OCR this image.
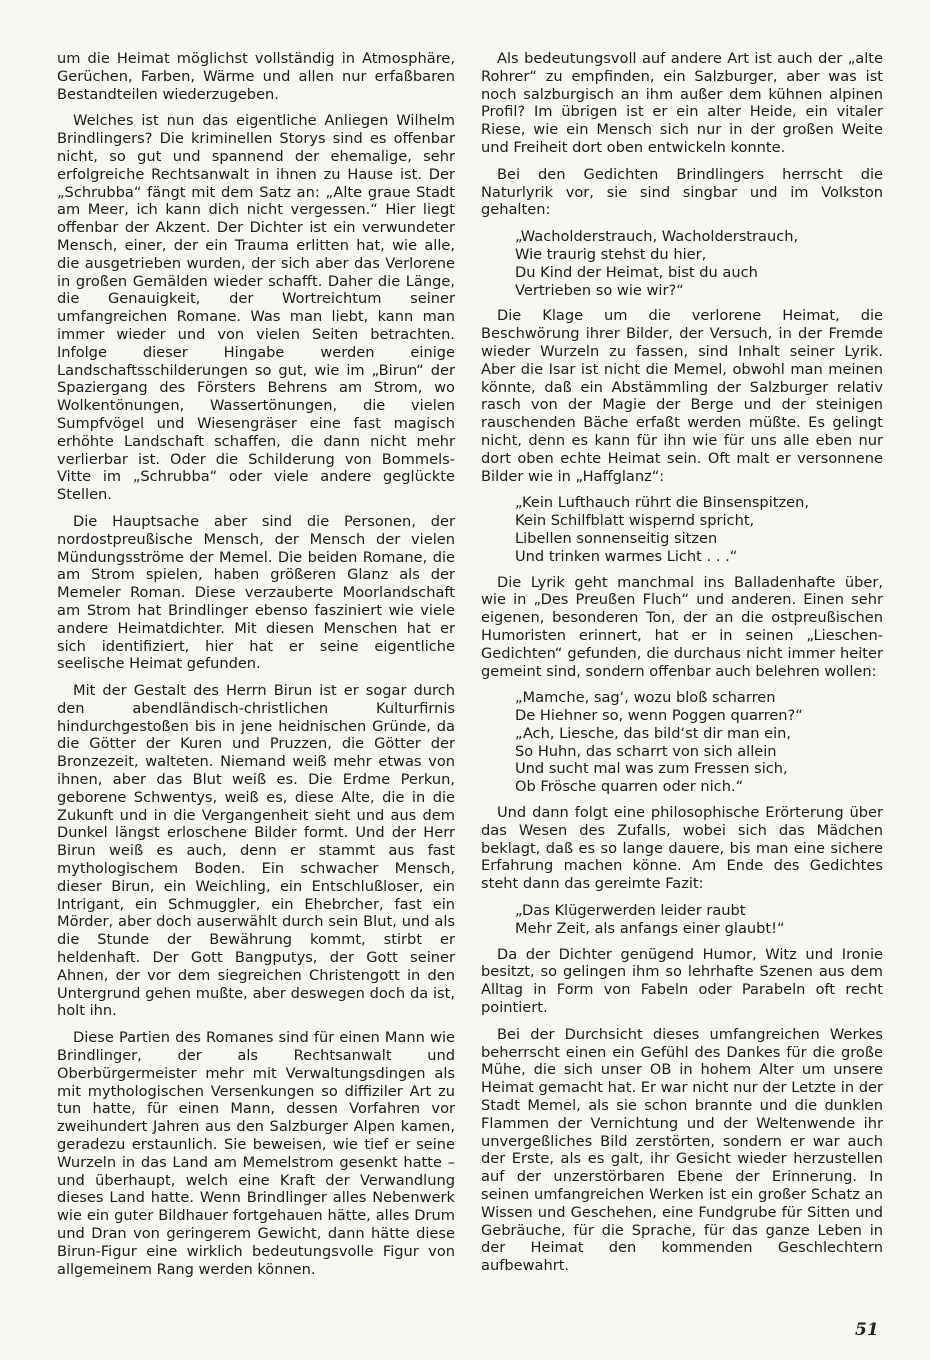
um die Heimat möglichst vollständig in Atmosphäre, Gerüchen, Farben, Wärme und allen nur erfaßbaren Bestandteilen wiederzugeben.

Welches ist nun das eigentliche Anliegen Wilhelm Brindlingers? Die kriminellen Storys sind es offenbar nicht, so gut und spannend der ehemalige, sehr erfolgreiche Rechtsanwalt in ihnen zu Hause ist. Der „Schrubba“ fängt mit dem Satz an: „Alte graue Stadt am Meer, ich kann dich nicht vergessen.“ Hier liegt offenbar der Akzent. Der Dichter ist ein verwundeter Mensch, einer, der ein Trauma erlitten hat, wie alle, die ausgetrieben wurden, der sich aber das Verlorene in großen Gemälden wieder schafft. Daher die Länge, die Genauigkeit, der Wortreichtum seiner umfangreichen Romane. Was man liebt, kann man immer wieder und von vielen Seiten betrachten. Infolge dieser Hingabe werden einige Landschaftsschilderungen so gut, wie im „Birun“ der Spaziergang des Försters Behrens am Strom, wo Wolkentönungen, Wassertönungen, die vielen Sumpfvögel und Wiesengräser eine fast magisch erhöhte Landschaft schaffen, die dann nicht mehr verlierbar ist. Oder die Schilderung von Bommels-Vitte im „Schrubba“ oder viele andere geglückte Stellen.

Die Hauptsache aber sind die Personen, der nordostpreußische Mensch, der Mensch der vielen Mündungsströme der Memel. Die beiden Romane, die am Strom spielen, haben größeren Glanz als der Memeler Roman. Diese verzauberte Moorlandschaft am Strom hat Brindlinger ebenso fasziniert wie viele andere Heimatdichter. Mit diesen Menschen hat er sich identifiziert, hier hat er seine eigentliche seelische Heimat gefunden.

Mit der Gestalt des Herrn Birun ist er sogar durch den abendländisch-christlichen Kulturfirnis hindurchgestoßen bis in jene heidnischen Gründe, da die Götter der Kuren und Pruzzen, die Götter der Bronzezeit, walteten. Niemand weiß mehr etwas von ihnen, aber das Blut weiß es. Die Erdme Perkun, geborene Schwentys, weiß es, diese Alte, die in die Zukunft und in die Vergangenheit sieht und aus dem Dunkel längst erloschene Bilder formt. Und der Herr Birun weiß es auch, denn er stammt aus fast mythologischem Boden. Ein schwacher Mensch, dieser Birun, ein Weichling, ein Entschlußloser, ein Intrigant, ein Schmuggler, ein Ehebrcher, fast ein Mörder, aber doch auserwählt durch sein Blut, und als die Stunde der Bewährung kommt, stirbt er heldenhaft. Der Gott Bangputys, der Gott seiner Ahnen, der vor dem siegreichen Christengott in den Untergrund gehen mußte, aber deswegen doch da ist, holt ihn.

Diese Partien des Romanes sind für einen Mann wie Brindlinger, der als Rechtsanwalt und Oberbürgermeister mehr mit Verwaltungsdingen als mit mythologischen Versenkungen so diffiziler Art zu tun hatte, für einen Mann, dessen Vorfahren vor zweihundert Jahren aus den Salzburger Alpen kamen, geradezu erstaunlich. Sie beweisen, wie tief er seine Wurzeln in das Land am Memelstrom gesenkt hatte – und überhaupt, welch eine Kraft der Verwandlung dieses Land hatte. Wenn Brindlinger alles Nebenwerk wie ein guter Bildhauer fortgehauen hätte, alles Drum und Dran von geringerem Gewicht, dann hätte diese Birun-Figur eine wirklich bedeutungsvolle Figur von allgemeinem Rang werden können.

Als bedeutungsvoll auf andere Art ist auch der „alte Rohrer“ zu empfinden, ein Salzburger, aber was ist noch salzburgisch an ihm außer dem kühnen alpinen Profil? Im übrigen ist er ein alter Heide, ein vitaler Riese, wie ein Mensch sich nur in der großen Weite und Freiheit dort oben entwickeln konnte.

Bei den Gedichten Brindlingers herrscht die Naturlyrik vor, sie sind singbar und im Volkston gehalten:

„Wacholderstrauch, Wacholderstrauch,
Wie traurig stehst du hier,
Du Kind der Heimat, bist du auch
Vertrieben so wie wir?“

Die Klage um die verlorene Heimat, die Beschwörung ihrer Bilder, der Versuch, in der Fremde wieder Wurzeln zu fassen, sind Inhalt seiner Lyrik. Aber die Isar ist nicht die Memel, obwohl man meinen könnte, daß ein Abstämmling der Salzburger relativ rasch von der Magie der Berge und der steinigen rauschenden Bäche erfaßt werden müßte. Es gelingt nicht, denn es kann für ihn wie für uns alle eben nur dort oben echte Heimat sein. Oft malt er versonnene Bilder wie in „Haffglanz“:

„Kein Lufthauch rührt die Binsenspitzen,
Kein Schilfblatt wispernd spricht,
Libellen sonnenseitig sitzen
Und trinken warmes Licht . . .“

Die Lyrik geht manchmal ins Balladenhafte über, wie in „Des Preußen Fluch“ und anderen. Einen sehr eigenen, besonderen Ton, der an die ostpreußischen Humoristen erinnert, hat er in seinen „Lieschen-Gedichten“ gefunden, die durchaus nicht immer heiter gemeint sind, sondern offenbar auch belehren wollen:

„Mamche, sag‘, wozu bloß scharren
De Hiehner so, wenn Poggen quarren?“
„Ach, Liesche, das bild‘st dir man ein,
So Huhn, das scharrt von sich allein
Und sucht mal was zum Fressen sich,
Ob Frösche quarren oder nich.“

Und dann folgt eine philosophische Erörterung über das Wesen des Zufalls, wobei sich das Mädchen beklagt, daß es so lange dauere, bis man eine sichere Erfahrung machen könne. Am Ende des Gedichtes steht dann das gereimte Fazit:

„Das Klügerwerden leider raubt
Mehr Zeit, als anfangs einer glaubt!“

Da der Dichter genügend Humor, Witz und Ironie besitzt, so gelingen ihm so lehrhafte Szenen aus dem Alltag in Form von Fabeln oder Parabeln oft recht pointiert.

Bei der Durchsicht dieses umfangreichen Werkes beherrscht einen ein Gefühl des Dankes für die große Mühe, die sich unser OB in hohem Alter um unsere Heimat gemacht hat. Er war nicht nur der Letzte in der Stadt Memel, als sie schon brannte und die dunklen Flammen der Vernichtung und der Weltenwende ihr unvergeßliches Bild zerstörten, sondern er war auch der Erste, als es galt, ihr Gesicht wieder herzustellen auf der unzerstörbaren Ebene der Erinnerung. In seinen umfangreichen Werken ist ein großer Schatz an Wissen und Geschehen, eine Fundgrube für Sitten und Gebräuche, für die Sprache, für das ganze Leben in der Heimat den kommenden Geschlechtern aufbewahrt.

51
